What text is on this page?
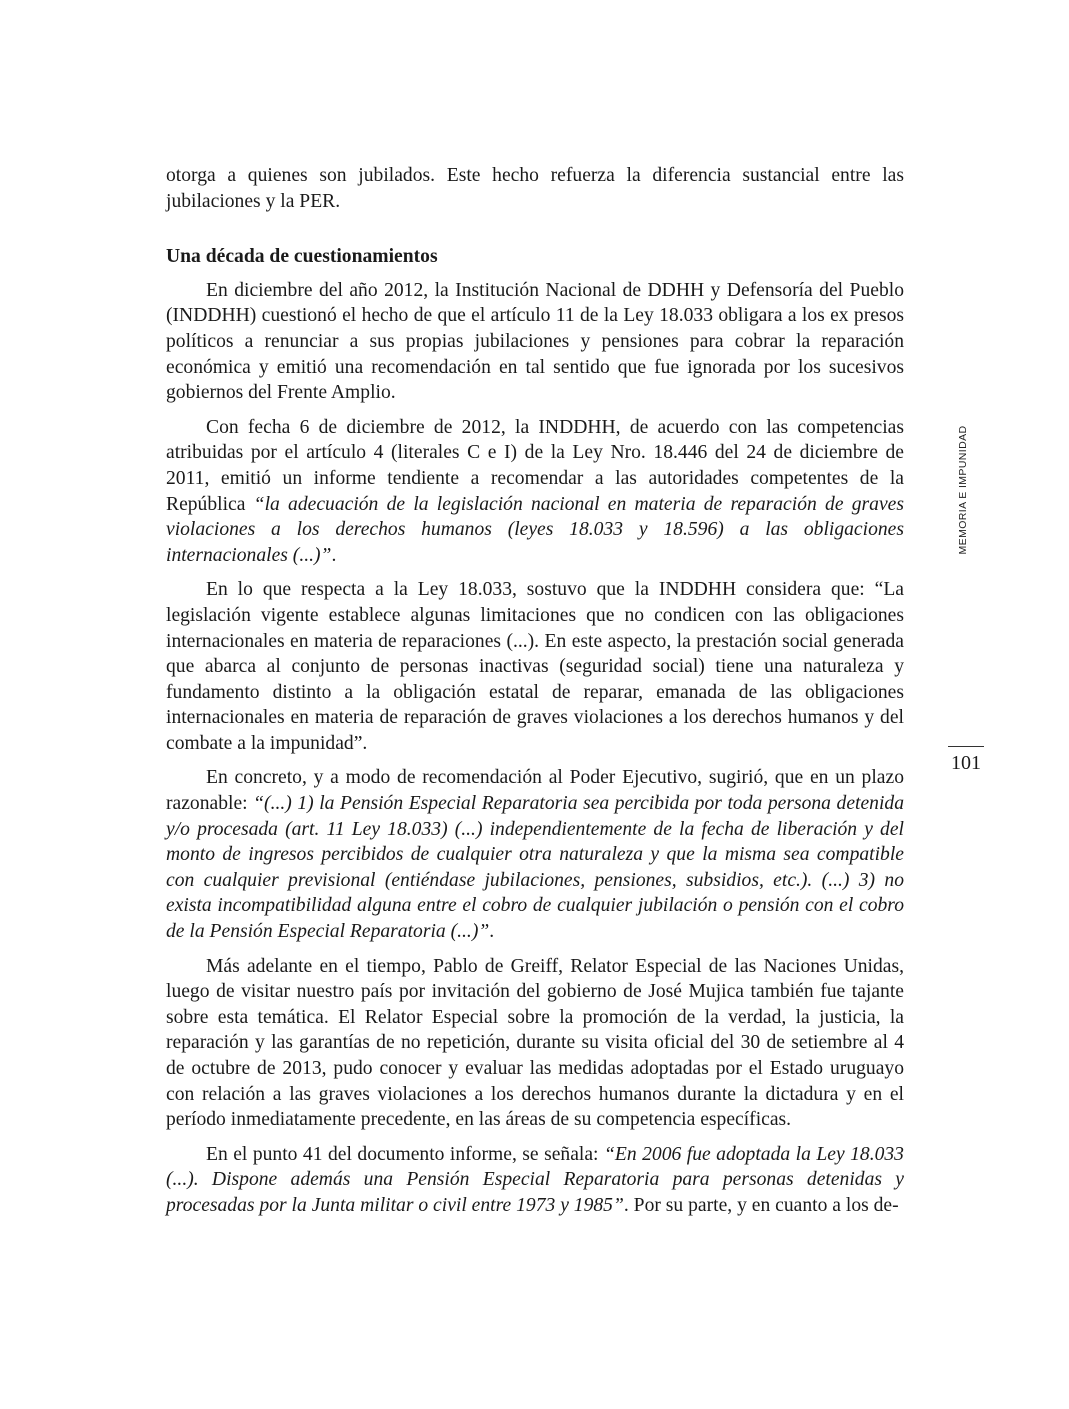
otorga a quienes son jubilados. Este hecho refuerza la diferencia sustancial entre las jubilaciones y la PER.

Una década de cuestionamientos

En diciembre del año 2012, la Institución Nacional de DDHH y Defensoría del Pueblo (INDDHH) cuestionó el hecho de que el artículo 11 de la Ley 18.033 obligara a los ex presos políticos a renunciar a sus propias jubilaciones y pensiones para cobrar la reparación económica y emitió una recomendación en tal sentido que fue ignorada por los sucesivos gobiernos del Frente Amplio.

Con fecha 6 de diciembre de 2012, la INDDHH, de acuerdo con las competencias atribuidas por el artículo 4 (literales C e I) de la Ley Nro. 18.446 del 24 de diciembre de 2011, emitió un informe tendiente a recomendar a las autoridades competentes de la República “la adecuación de la legislación nacional en materia de reparación de graves violaciones a los derechos humanos (leyes 18.033 y 18.596) a las obligaciones internacionales (...)”.

En lo que respecta a la Ley 18.033, sostuvo que la INDDHH considera que: “La legislación vigente establece algunas limitaciones que no condicen con las obligaciones internacionales en materia de reparaciones (...). En este aspecto, la prestación social generada que abarca al conjunto de personas inactivas (seguridad social) tiene una naturaleza y fundamento distinto a la obligación estatal de reparar, emanada de las obligaciones internacionales en materia de reparación de graves violaciones a los derechos humanos y del combate a la impunidad”.

En concreto, y a modo de recomendación al Poder Ejecutivo, sugirió, que en un plazo razonable: “(...) 1) la Pensión Especial Reparatoria sea percibida por toda persona detenida y/o procesada (art. 11 Ley 18.033) (...) independientemente de la fecha de liberación y del monto de ingresos percibidos de cualquier otra naturaleza y que la misma sea compatible con cualquier previsional (entiéndase jubilaciones, pensiones, subsidios, etc.). (...) 3) no exista incompatibilidad alguna entre el cobro de cualquier jubilación o pensión con el cobro de la Pensión Especial Reparatoria (...)”.

Más adelante en el tiempo, Pablo de Greiff, Relator Especial de las Naciones Unidas, luego de visitar nuestro país por invitación del gobierno de José Mujica también fue tajante sobre esta temática. El Relator Especial sobre la promoción de la verdad, la justicia, la reparación y las garantías de no repetición, durante su visita oficial del 30 de setiembre al 4 de octubre de 2013, pudo conocer y evaluar las medidas adoptadas por el Estado uruguayo con relación a las graves violaciones a los derechos humanos durante la dictadura y en el período inmediatamente precedente, en las áreas de su competencia específicas.

En el punto 41 del documento informe, se señala: “En 2006 fue adoptada la Ley 18.033 (...). Dispone además una Pensión Especial Reparatoria para personas detenidas y procesadas por la Junta militar o civil entre 1973 y 1985”. Por su parte, y en cuanto a los de-

MEMORIA E IMPUNIDAD
101
